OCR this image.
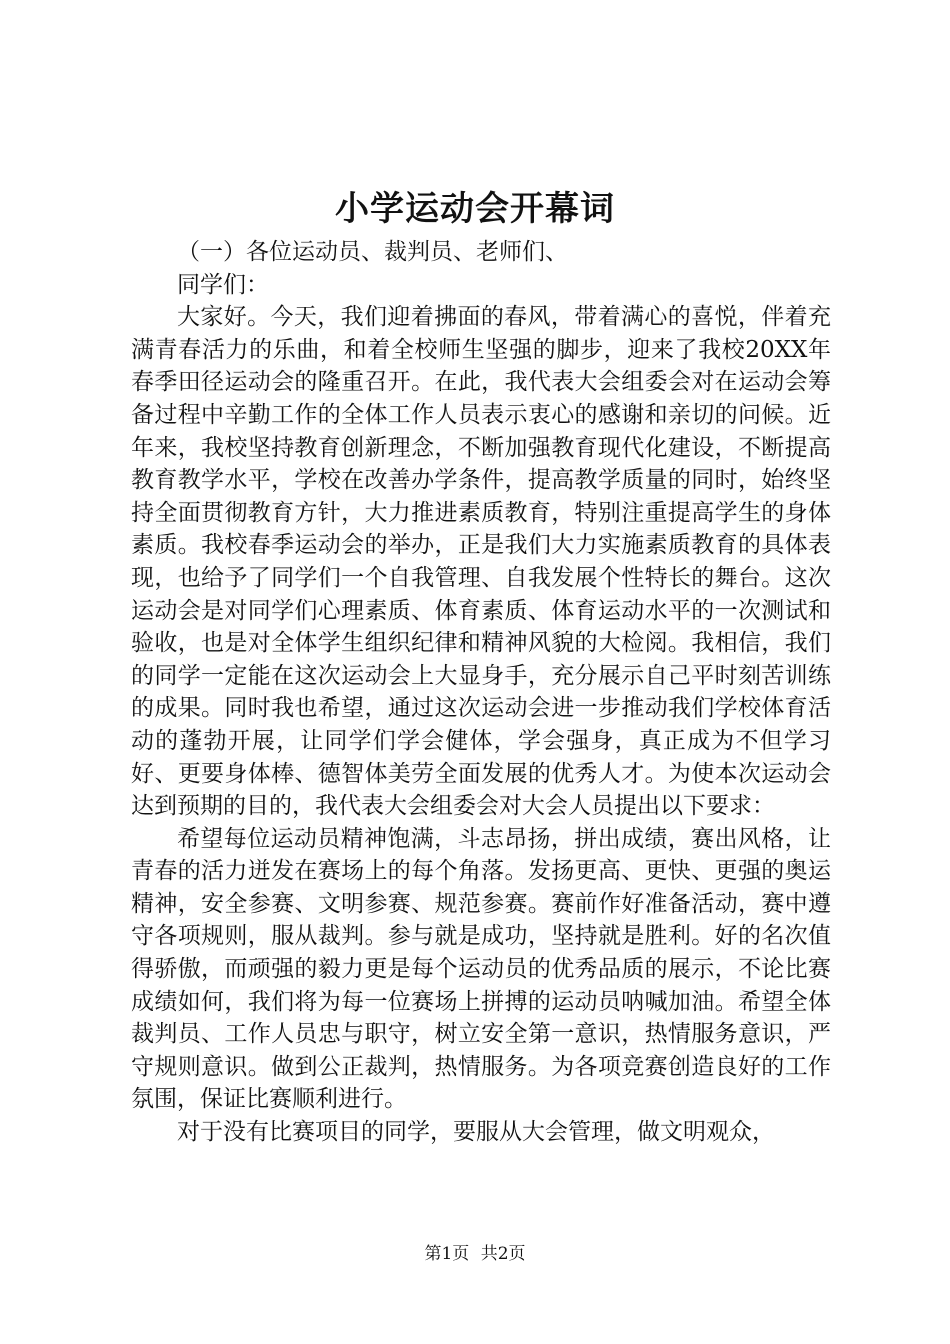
小学运动会开幕词

（一）各位运动员、裁判员、老师们、

同学们：

大家好。今天，我们迎着拂面的春风，带着满心的喜悦，伴着充满青春活力的乐曲，和着全校师生坚强的脚步，迎来了我校20XX年春季田径运动会的隆重召开。在此，我代表大会组委会对在运动会筹备过程中辛勤工作的全体工作人员表示衷心的感谢和亲切的问候。近年来，我校坚持教育创新理念，不断加强教育现代化建设，不断提高教育教学水平，学校在改善办学条件，提高教学质量的同时，始终坚持全面贯彻教育方针，大力推进素质教育，特别注重提高学生的身体素质。我校春季运动会的举办，正是我们大力实施素质教育的具体表现，也给予了同学们一个自我管理、自我发展个性特长的舞台。这次运动会是对同学们心理素质、体育素质、体育运动水平的一次测试和验收，也是对全体学生组织纪律和精神风貌的大检阅。我相信，我们的同学一定能在这次运动会上大显身手，充分展示自己平时刻苦训练的成果。同时我也希望，通过这次运动会进一步推动我们学校体育活动的蓬勃开展，让同学们学会健体，学会强身，真正成为不但学习好、更要身体棒、德智体美劳全面发展的优秀人才。为使本次运动会达到预期的目的，我代表大会组委会对大会人员提出以下要求：

希望每位运动员精神饱满，斗志昂扬，拼出成绩，赛出风格，让青春的活力迸发在赛场上的每个角落。发扬更高、更快、更强的奥运精神，安全参赛、文明参赛、规范参赛。赛前作好准备活动，赛中遵守各项规则，服从裁判。参与就是成功，坚持就是胜利。好的名次值得骄傲，而顽强的毅力更是每个运动员的优秀品质的展示，不论比赛成绩如何，我们将为每一位赛场上拼搏的运动员呐喊加油。希望全体裁判员、工作人员忠与职守，树立安全第一意识，热情服务意识，严守规则意识。做到公正裁判，热情服务。为各项竞赛创造良好的工作氛围，保证比赛顺利进行。

对于没有比赛项目的同学，要服从大会管理，做文明观众，

第1页 共2页
